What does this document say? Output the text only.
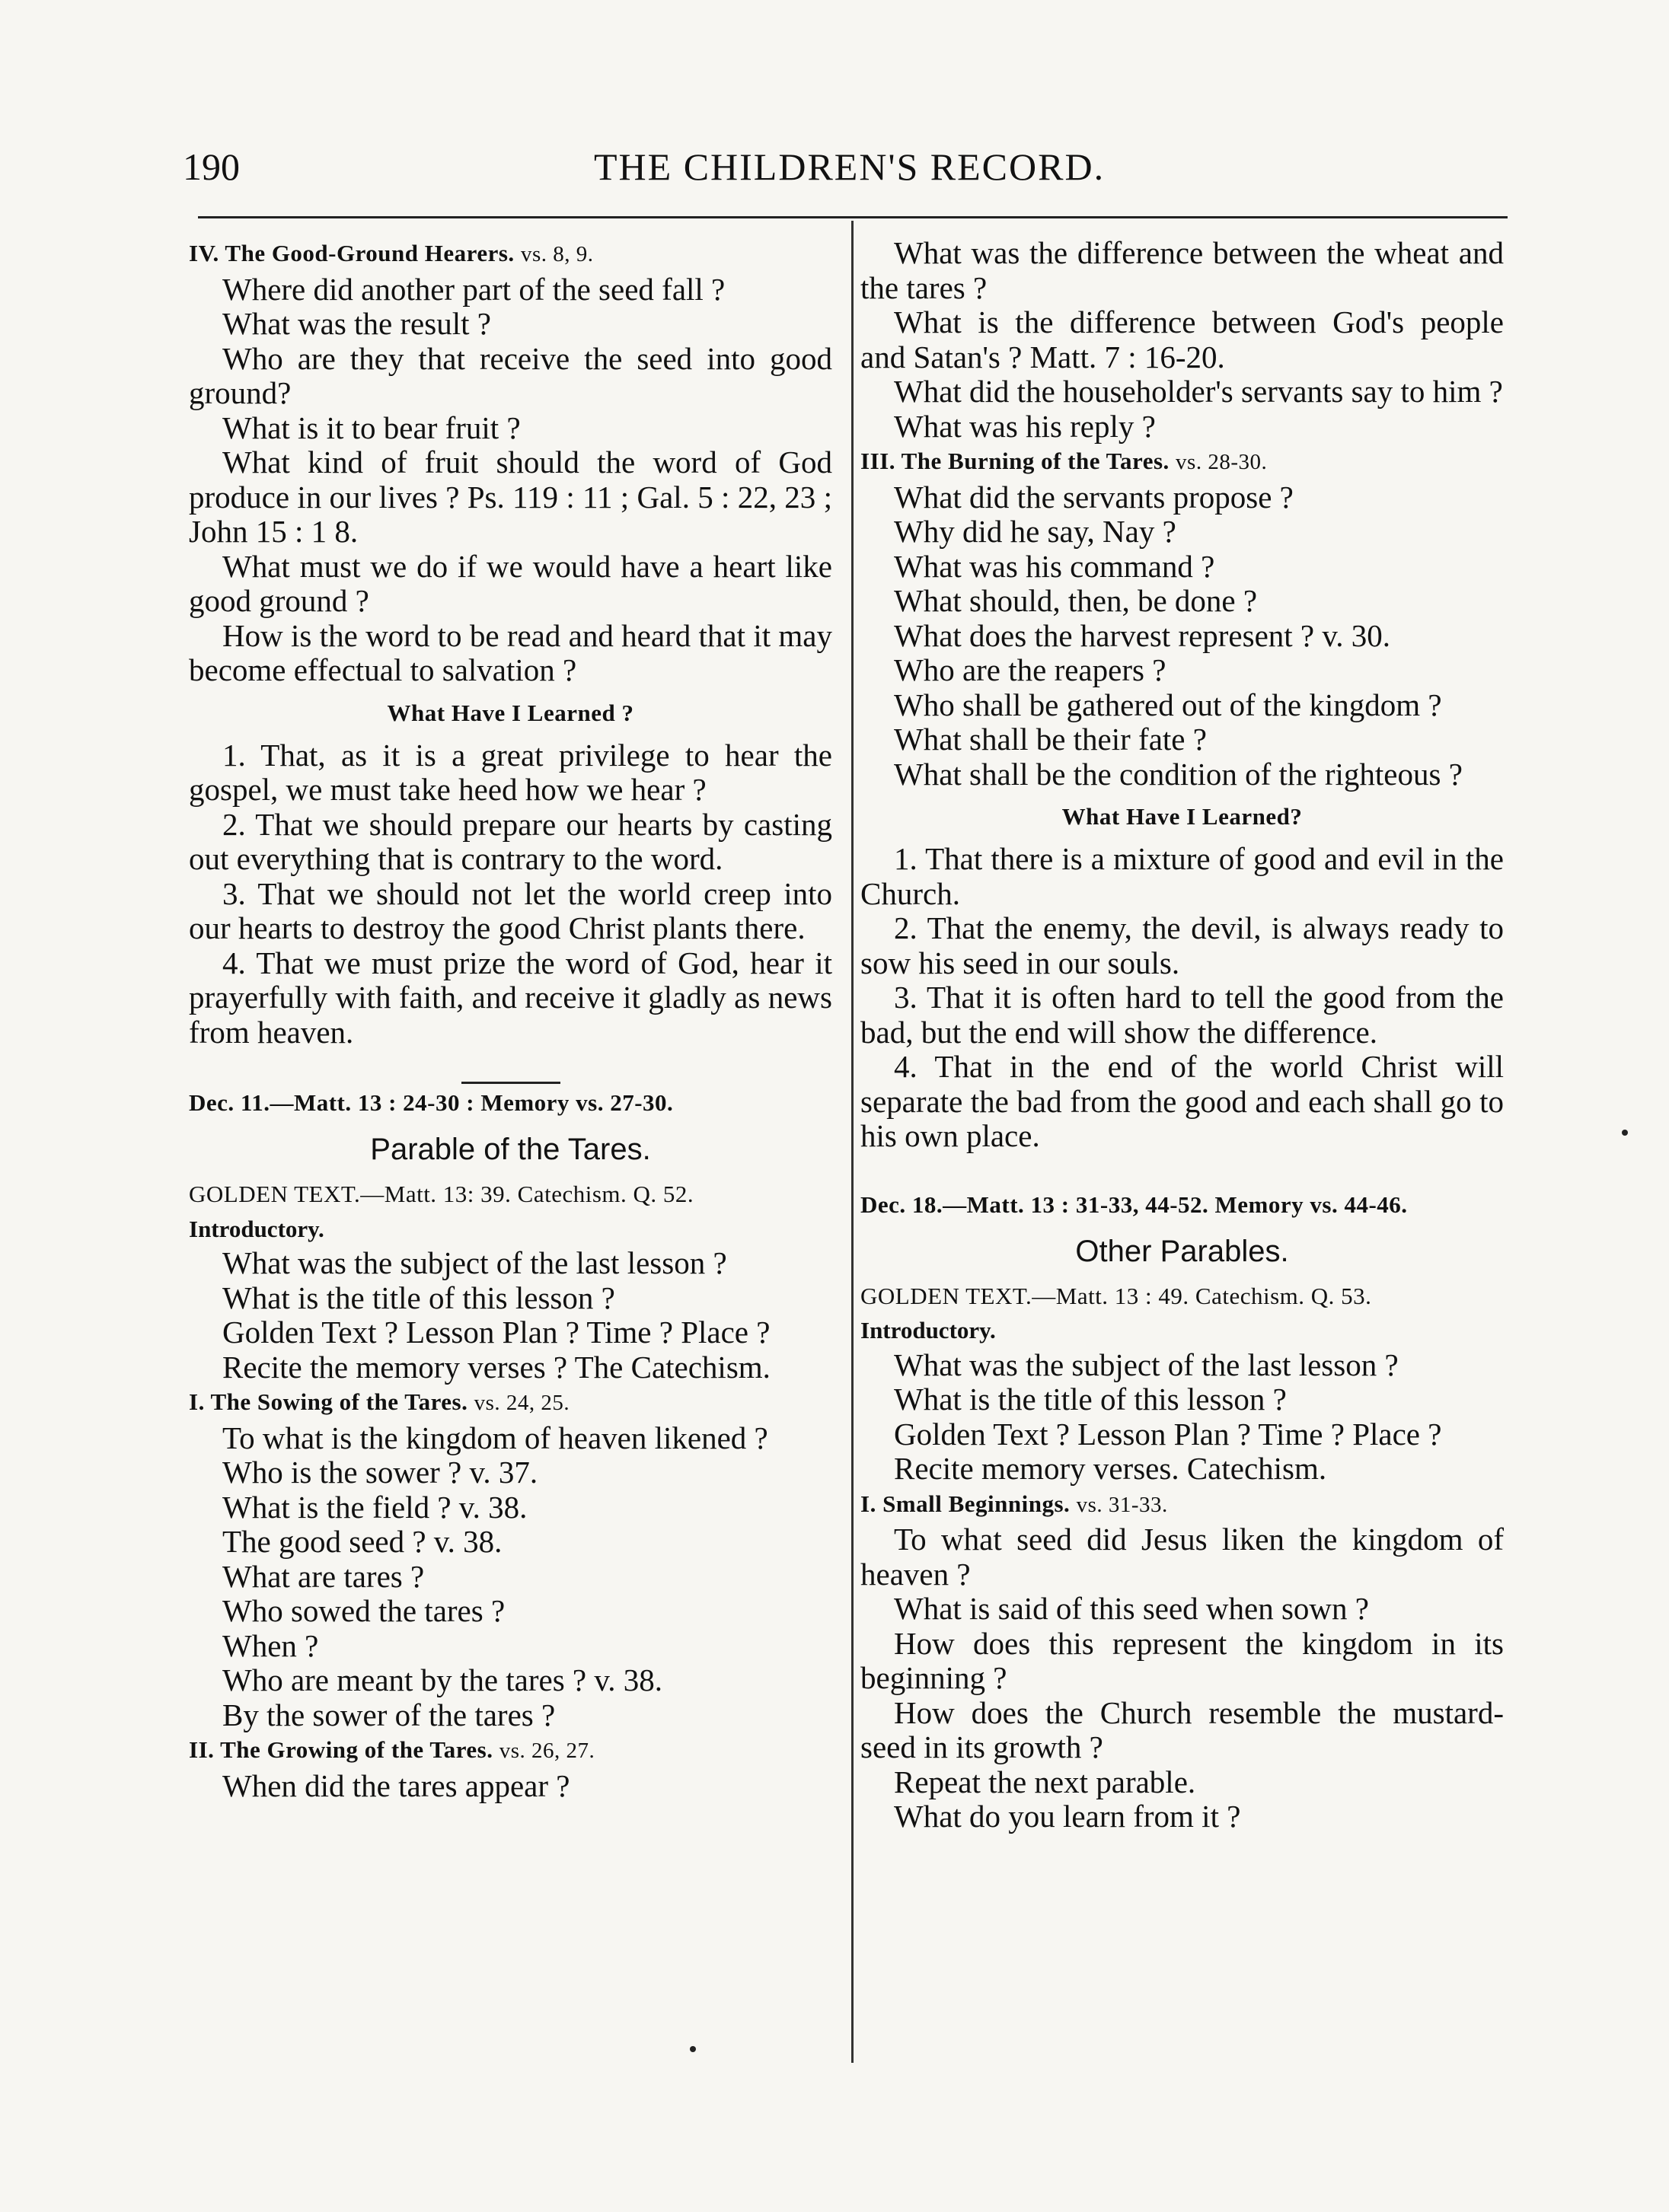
190	THE CHILDREN'S RECORD.

IV. The Good-Ground Hearers. vs. 8, 9.

Where did another part of the seed fall ?

What was the result ?

Who are they that receive the seed into good ground?

What is it to bear fruit ?

What kind of fruit should the word of God produce in our lives ? Ps. 119 : 11 ; Gal. 5 : 22, 23 ; John 15 : 1 8.

What must we do if we would have a heart like good ground ?

How is the word to be read and heard that it may become effectual to salvation ?

What Have I Learned ?

1. That, as it is a great privilege to hear the gospel, we must take heed how we hear ?

2. That we should prepare our hearts by casting out everything that is contrary to the word.

3. That we should not let the world creep into our hearts to destroy the good Christ plants there.

4. That we must prize the word of God, hear it prayerfully with faith, and receive it gladly as news from heaven.

Dec. 11.—Matt. 13 : 24-30 : Memory vs. 27-30.

Parable of the Tares.

GOLDEN TEXT.—Matt. 13: 39. Catechism. Q. 52.

Introductory.

What was the subject of the last lesson ?

What is the title of this lesson ?

Golden Text ? Lesson Plan ? Time ? Place ?

Recite the memory verses ? The Catechism.

I. The Sowing of the Tares. vs. 24, 25.

To what is the kingdom of heaven likened ?

Who is the sower ? v. 37.

What is the field ? v. 38.

The good seed ? v. 38.

What are tares ?

Who sowed the tares ?

When ?

Who are meant by the tares ? v. 38.

By the sower of the tares ?

II. The Growing of the Tares. vs. 26, 27.

When did the tares appear ?

What was the difference between the wheat and the tares ?

What is the difference between God's people and Satan's ? Matt. 7 : 16-20.

What did the householder's servants say to him ?

What was his reply ?

III. The Burning of the Tares. vs. 28-30.

What did the servants propose ?

Why did he say, Nay ?

What was his command ?

What should, then, be done ?

What does the harvest represent ? v. 30.

Who are the reapers ?

Who shall be gathered out of the kingdom ?

What shall be their fate ?

What shall be the condition of the righteous ?

What Have I Learned?

1. That there is a mixture of good and evil in the Church.

2. That the enemy, the devil, is always ready to sow his seed in our souls.

3. That it is often hard to tell the good from the bad, but the end will show the difference.

4. That in the end of the world Christ will separate the bad from the good and each shall go to his own place.

Dec. 18.—Matt. 13 : 31-33, 44-52. Memory vs. 44-46.

Other Parables.

GOLDEN TEXT.—Matt. 13 : 49. Catechism. Q. 53.

Introductory.

What was the subject of the last lesson ?

What is the title of this lesson ?

Golden Text ? Lesson Plan ? Time ? Place ?

Recite memory verses. Catechism.

I. Small Beginnings. vs. 31-33.

To what seed did Jesus liken the kingdom of heaven ?

What is said of this seed when sown ?

How does this represent the kingdom in its beginning ?

How does the Church resemble the mustard-seed in its growth ?

Repeat the next parable.

What do you learn from it ?
